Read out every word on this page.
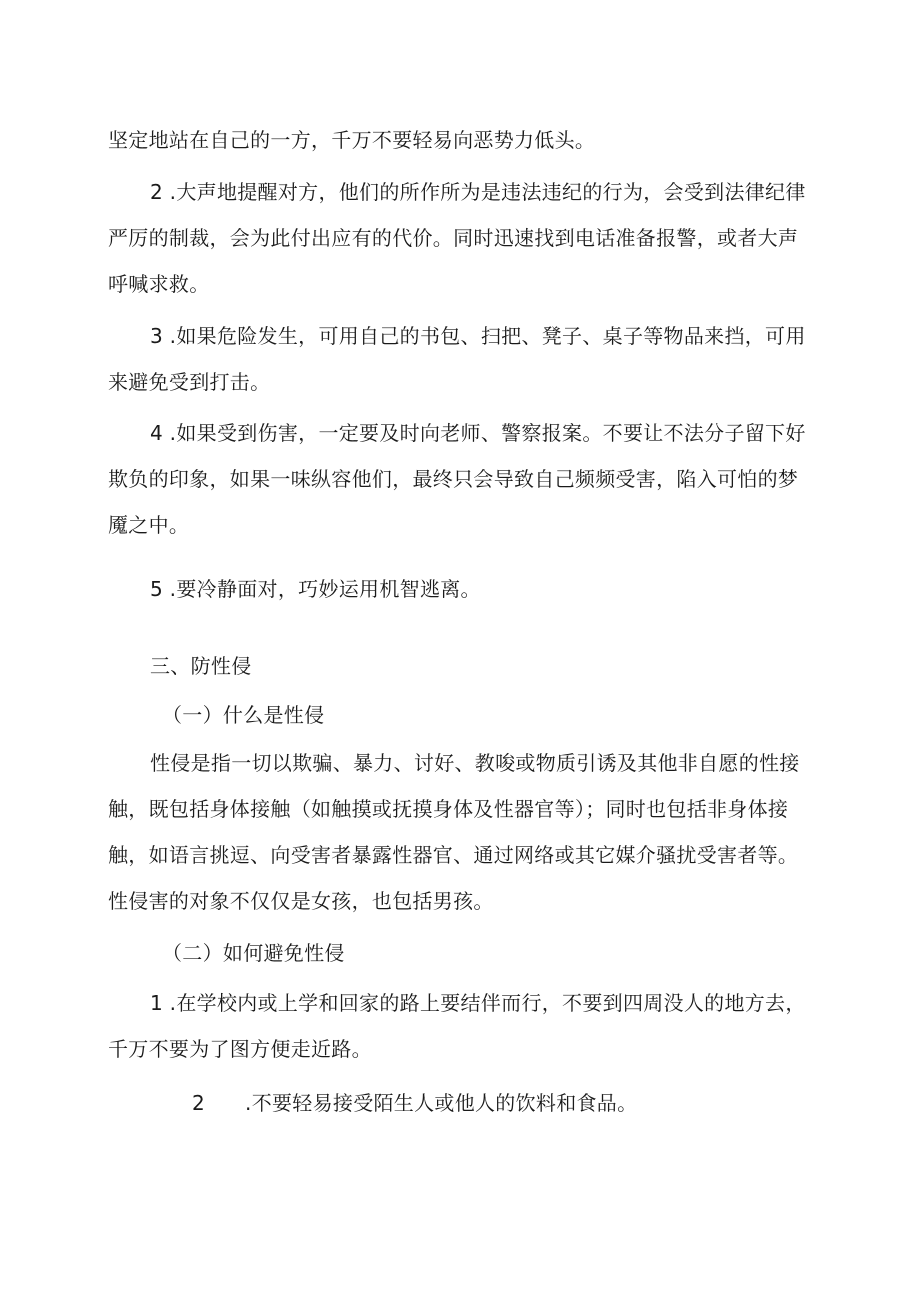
坚定地站在自己的一方，千万不要轻易向恶势力低头。

2 .大声地提醒对方，他们的所作所为是违法违纪的行为，会受到法律纪律严厉的制裁，会为此付出应有的代价。同时迅速找到电话准备报警，或者大声呼喊求救。

3 .如果危险发生，可用自己的书包、扫把、凳子、桌子等物品来挡，可用来避免受到打击。

4 .如果受到伤害，一定要及时向老师、警察报案。不要让不法分子留下好欺负的印象，如果一味纵容他们，最终只会导致自己频频受害，陷入可怕的梦魇之中。

5 .要冷静面对，巧妙运用机智逃离。

三、防性侵

（一）什么是性侵

性侵是指一切以欺骗、暴力、讨好、教唆或物质引诱及其他非自愿的性接触，既包括身体接触（如触摸或抚摸身体及性器官等）；同时也包括非身体接触，如语言挑逗、向受害者暴露性器官、通过网络或其它媒介骚扰受害者等。性侵害的对象不仅仅是女孩，也包括男孩。

（二）如何避免性侵

1 .在学校内或上学和回家的路上要结伴而行，不要到四周没人的地方去，千万不要为了图方便走近路。

2 .不要轻易接受陌生人或他人的饮料和食品。
